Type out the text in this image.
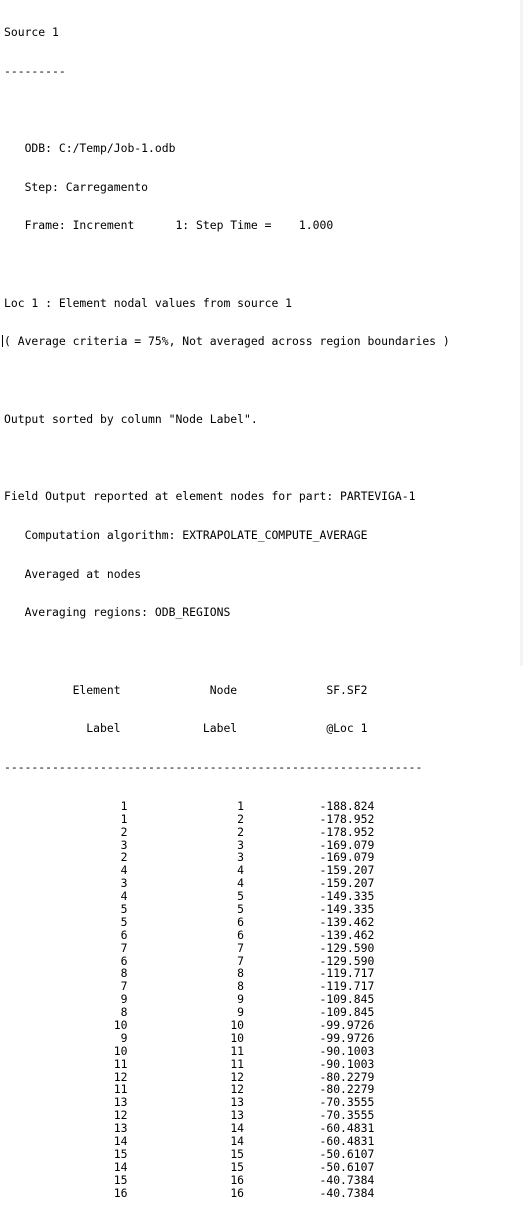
Source 1

---------

ODB: C:/Temp/Job-1.odb

Step: Carregamento

Frame: Increment      1: Step Time =    1.000

Loc 1 : Element nodal values from source 1

( Average criteria = 75%, Not averaged across region boundaries )

Output sorted by column "Node Label".

Field Output reported at element nodes for part: PARTEVIGA-1

Computation algorithm: EXTRAPOLATE_COMPUTE_AVERAGE

Averaged at nodes

Averaging regions: ODB_REGIONS

Element             Node             SF.SF2

Label            Label             @Loc 1

-------------------------------------------------------------

1                1           -188.824
1                2           -178.952
2                2           -178.952
3                3           -169.079
2                3           -169.079
4                4           -159.207
3                4           -159.207
4                5           -149.335
5                5           -149.335
5                6           -139.462
6                6           -139.462
7                7           -129.590
6                7           -129.590
8                8           -119.717
7                8           -119.717
9                9           -109.845
8                9           -109.845
10               10           -99.9726
9               10           -99.9726
10               11           -90.1003
11               11           -90.1003
12               12           -80.2279
11               12           -80.2279
13               13           -70.3555
12               13           -70.3555
13               14           -60.4831
14               14           -60.4831
15               15           -50.6107
14               15           -50.6107
15               16           -40.7384
16               16           -40.7384
